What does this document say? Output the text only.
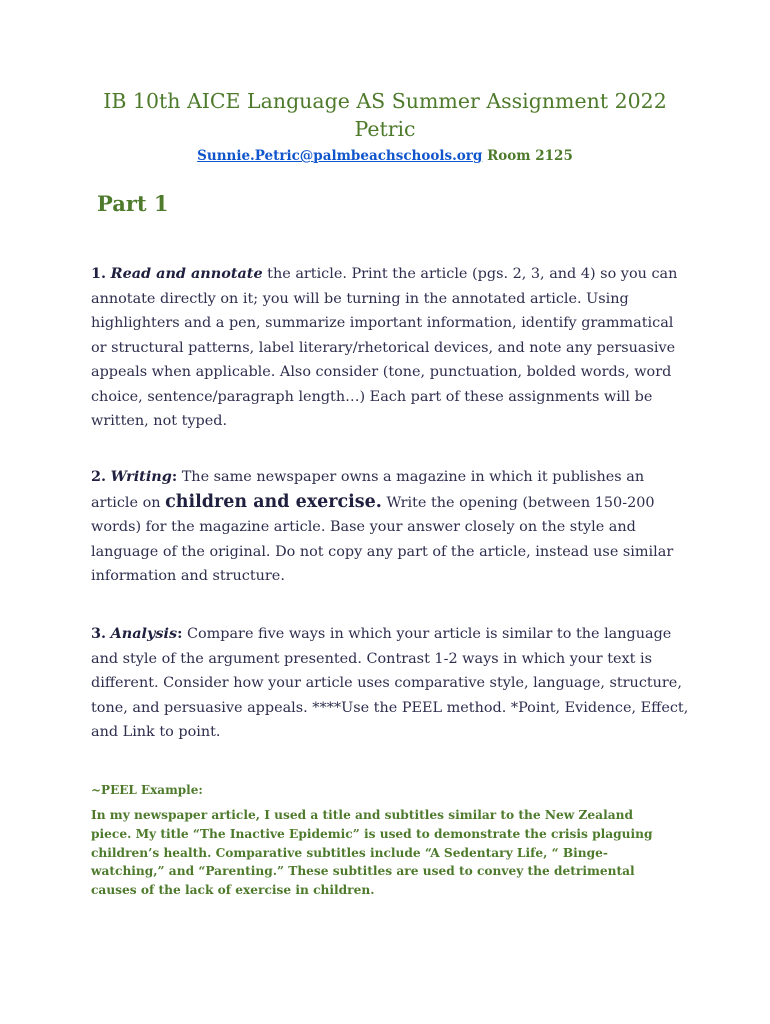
IB 10th AICE Language AS Summer Assignment 2022
Petric
Sunnie.Petric@palmbeachschools.org Room 2125
Part 1

1. Read and annotate the article. Print the article (pgs. 2, 3, and 4) so you can annotate directly on it; you will be turning in the annotated article. Using highlighters and a pen, summarize important information, identify grammatical or structural patterns, label literary/rhetorical devices, and note any persuasive appeals when applicable. Also consider (tone, punctuation, bolded words, word choice, sentence/paragraph length…) Each part of these assignments will be written, not typed.

2. Writing: The same newspaper owns a magazine in which it publishes an article on children and exercise. Write the opening (between 150-200 words) for the magazine article. Base your answer closely on the style and language of the original. Do not copy any part of the article, instead use similar information and structure.

3. Analysis: Compare five ways in which your article is similar to the language and style of the argument presented. Contrast 1-2 ways in which your text is different. Consider how your article uses comparative style, language, structure, tone, and persuasive appeals. ****Use the PEEL method. *Point, Evidence, Effect, and Link to point.

~PEEL Example:

In my newspaper article, I used a title and subtitles similar to the New Zealand piece. My title “The Inactive Epidemic” is used to demonstrate the crisis plaguing children’s health. Comparative subtitles include “A Sedentary Life, “ Binge-watching,” and “Parenting.” These subtitles are used to convey the detrimental causes of the lack of exercise in children.
